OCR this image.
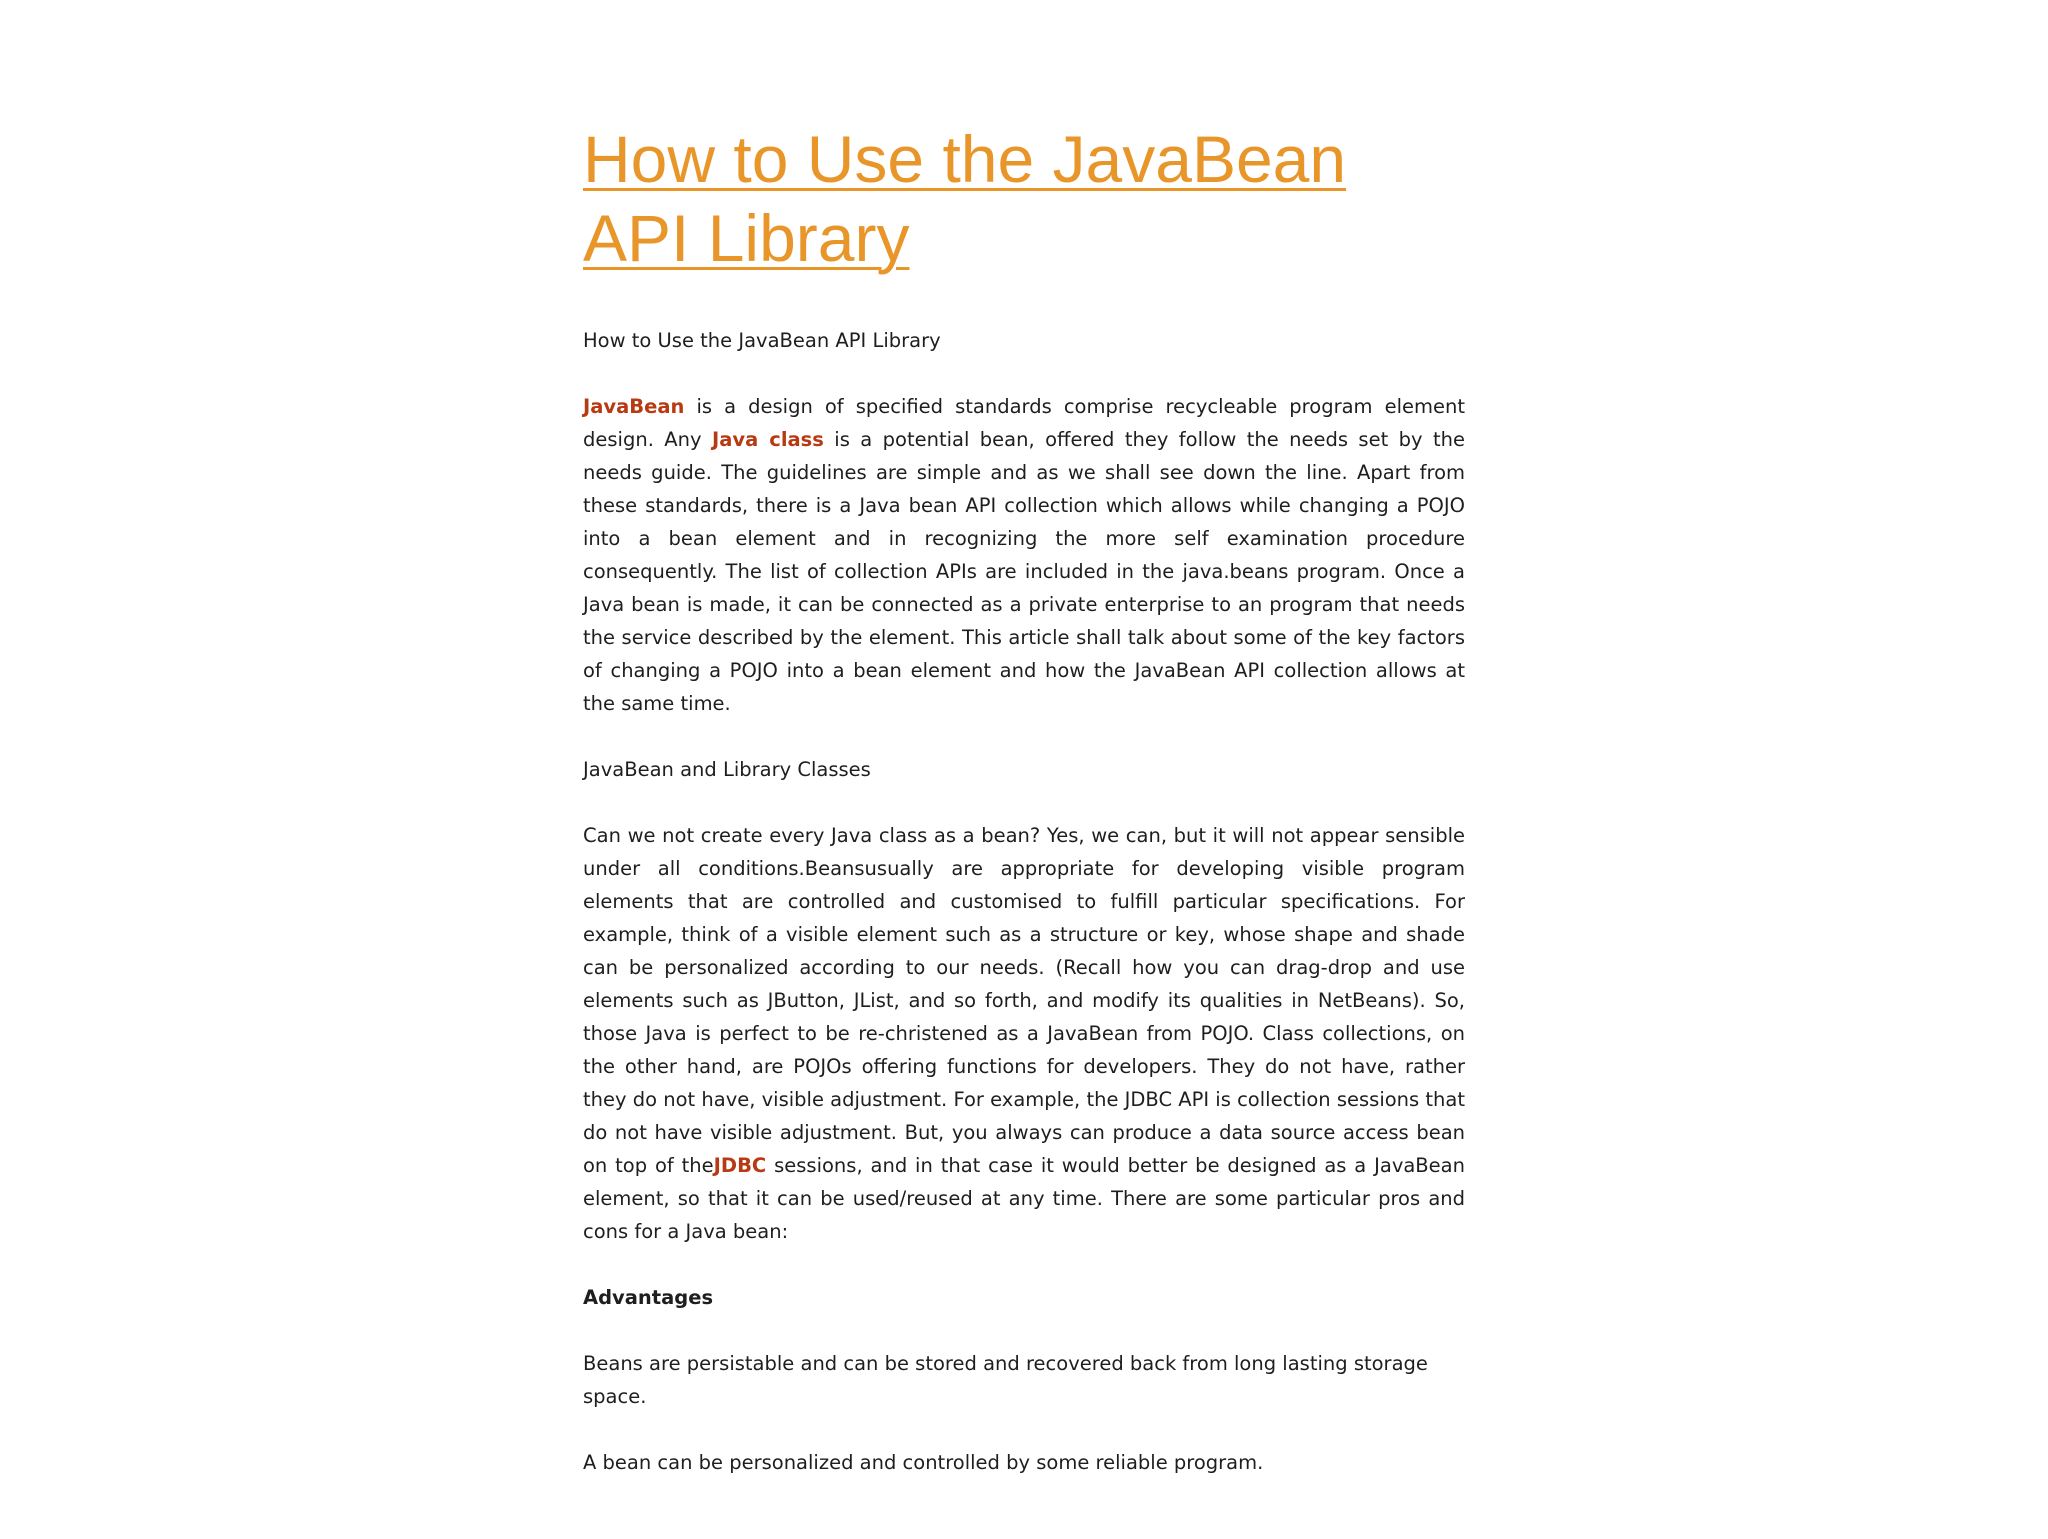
How to Use the JavaBean
API Library

How to Use the JavaBean API Library

JavaBean is a design of specified standards comprise recycleable program element design. Any Java class is a potential bean, offered they follow the needs set by the needs guide. The guidelines are simple and as we shall see down the line. Apart from these standards, there is a Java bean API collection which allows while changing a POJO into a bean element and in recognizing the more self examination procedure consequently. The list of collection APIs are included in the java.beans program. Once a Java bean is made, it can be connected as a private enterprise to an program that needs the service described by the element. This article shall talk about some of the key factors of changing a POJO into a bean element and how the JavaBean API collection allows at the same time.

JavaBean and Library Classes

Can we not create every Java class as a bean? Yes, we can, but it will not appear sensible under all conditions.Beansusually are appropriate for developing visible program elements that are controlled and customised to fulfill particular specifications. For example, think of a visible element such as a structure or key, whose shape and shade can be personalized according to our needs. (Recall how you can drag-drop and use elements such as JButton, JList, and so forth, and modify its qualities in NetBeans). So, those Java is perfect to be re-christened as a JavaBean from POJO. Class collections, on the other hand, are POJOs offering functions for developers. They do not have, rather they do not have, visible adjustment. For example, the JDBC API is collection sessions that do not have visible adjustment. But, you always can produce a data source access bean on top of theJDBC sessions, and in that case it would better be designed as a JavaBean element, so that it can be used/reused at any time. There are some particular pros and cons for a Java bean:

Advantages

Beans are persistable and can be stored and recovered back from long lasting storage space.

A bean can be personalized and controlled by some reliable program.
